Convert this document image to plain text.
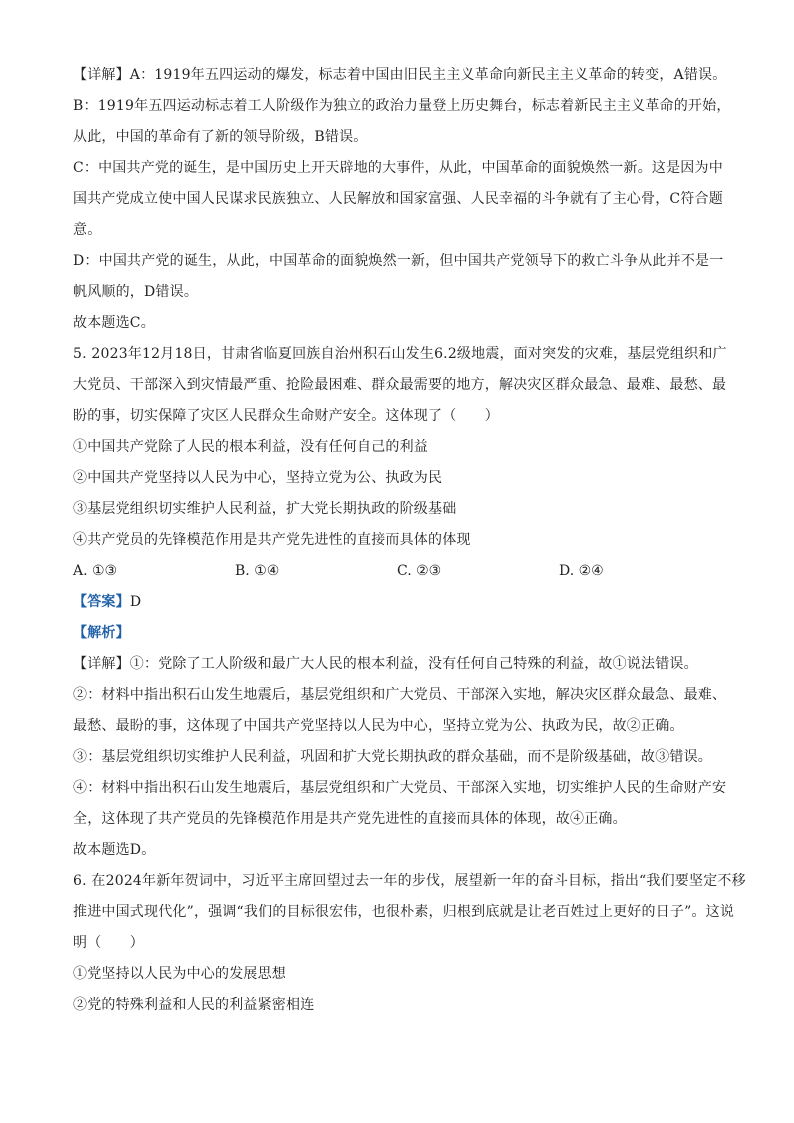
【详解】A：1919年五四运动的爆发，标志着中国由旧民主主义革命向新民主主义革命的转变，A错误。
B：1919年五四运动标志着工人阶级作为独立的政治力量登上历史舞台，标志着新民主主义革命的开始，
从此，中国的革命有了新的领导阶级，B错误。
C：中国共产党的诞生，是中国历史上开天辟地的大事件，从此，中国革命的面貌焕然一新。这是因为中
国共产党成立使中国人民谋求民族独立、人民解放和国家富强、人民幸福的斗争就有了主心骨，C符合题
意。
D：中国共产党的诞生，从此，中国革命的面貌焕然一新，但中国共产党领导下的救亡斗争从此并不是一
帆风顺的，D错误。
故本题选C。
5. 2023年12月18日，甘肃省临夏回族自治州积石山发生6.2级地震，面对突发的灾难，基层党组织和广
大党员、干部深入到灾情最严重、抢险最困难、群众最需要的地方，解决灾区群众最急、最难、最愁、最
盼的事，切实保障了灾区人民群众生命财产安全。这体现了（　　）
①中国共产党除了人民的根本利益，没有任何自己的利益
②中国共产党坚持以人民为中心，坚持立党为公、执政为民
③基层党组织切实维护人民利益，扩大党长期执政的阶级基础
④共产党员的先锋模范作用是共产党先进性的直接而具体的体现
A. ①③	B. ①④	C. ②③	D. ②④
【答案】D
【解析】
【详解】①：党除了工人阶级和最广大人民的根本利益，没有任何自己特殊的利益，故①说法错误。
②：材料中指出积石山发生地震后，基层党组织和广大党员、干部深入实地，解决灾区群众最急、最难、
最愁、最盼的事，这体现了中国共产党坚持以人民为中心，坚持立党为公、执政为民，故②正确。
③：基层党组织切实维护人民利益，巩固和扩大党长期执政的群众基础，而不是阶级基础，故③错误。
④：材料中指出积石山发生地震后，基层党组织和广大党员、干部深入实地，切实维护人民的生命财产安
全，这体现了共产党员的先锋模范作用是共产党先进性的直接而具体的体现，故④正确。
故本题选D。
6. 在2024年新年贺词中，习近平主席回望过去一年的步伐，展望新一年的奋斗目标，指出“我们要坚定不移
推进中国式现代化”，强调“我们的目标很宏伟，也很朴素，归根到底就是让老百姓过上更好的日子”。这说
明（　　）
①党坚持以人民为中心的发展思想
②党的特殊利益和人民的利益紧密相连
